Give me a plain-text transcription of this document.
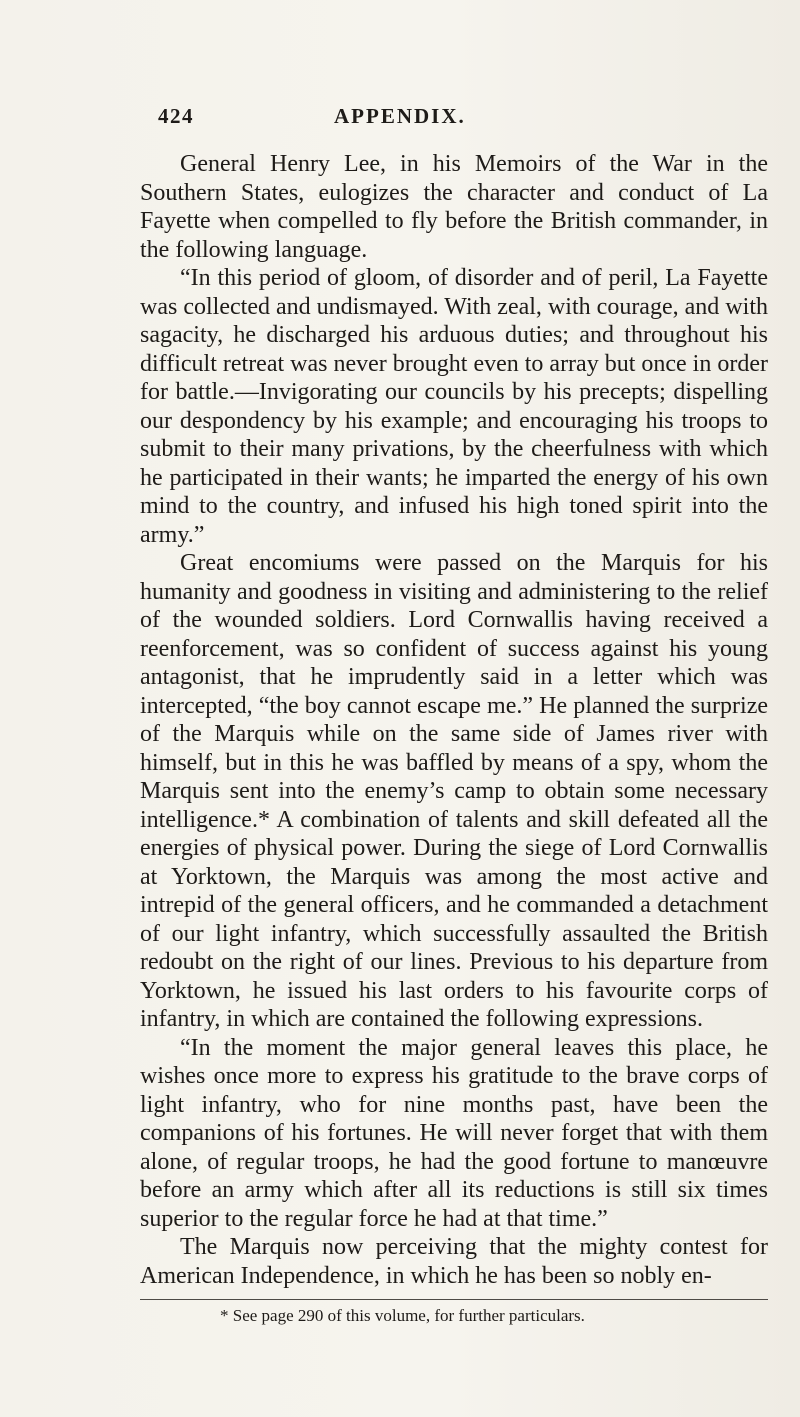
424	APPENDIX.

General Henry Lee, in his Memoirs of the War in the Southern States, eulogizes the character and conduct of La Fayette when compelled to fly before the British commander, in the following language.

“In this period of gloom, of disorder and of peril, La Fayette was collected and undismayed. With zeal, with courage, and with sagacity, he discharged his arduous duties; and throughout his difficult retreat was never brought even to array but once in order for battle.—Invigorating our councils by his precepts; dispelling our despondency by his example; and encouraging his troops to submit to their many privations, by the cheerfulness with which he participated in their wants; he imparted the energy of his own mind to the country, and infused his high toned spirit into the army.”

Great encomiums were passed on the Marquis for his humanity and goodness in visiting and administering to the relief of the wounded soldiers. Lord Cornwallis having received a reenforcement, was so confident of success against his young antagonist, that he imprudently said in a letter which was intercepted, “the boy cannot escape me.” He planned the surprize of the Marquis while on the same side of James river with himself, but in this he was baffled by means of a spy, whom the Marquis sent into the enemy’s camp to obtain some necessary intelligence.* A combination of talents and skill defeated all the energies of physical power. During the siege of Lord Cornwallis at Yorktown, the Marquis was among the most active and intrepid of the general officers, and he commanded a detachment of our light infantry, which successfully assaulted the British redoubt on the right of our lines. Previous to his departure from Yorktown, he issued his last orders to his favourite corps of infantry, in which are contained the following expressions.

“In the moment the major general leaves this place, he wishes once more to express his gratitude to the brave corps of light infantry, who for nine months past, have been the companions of his fortunes. He will never forget that with them alone, of regular troops, he had the good fortune to manœuvre before an army which after all its reductions is still six times superior to the regular force he had at that time.”

The Marquis now perceiving that the mighty contest for American Independence, in which he has been so nobly en-

* See page 290 of this volume, for further particulars.
